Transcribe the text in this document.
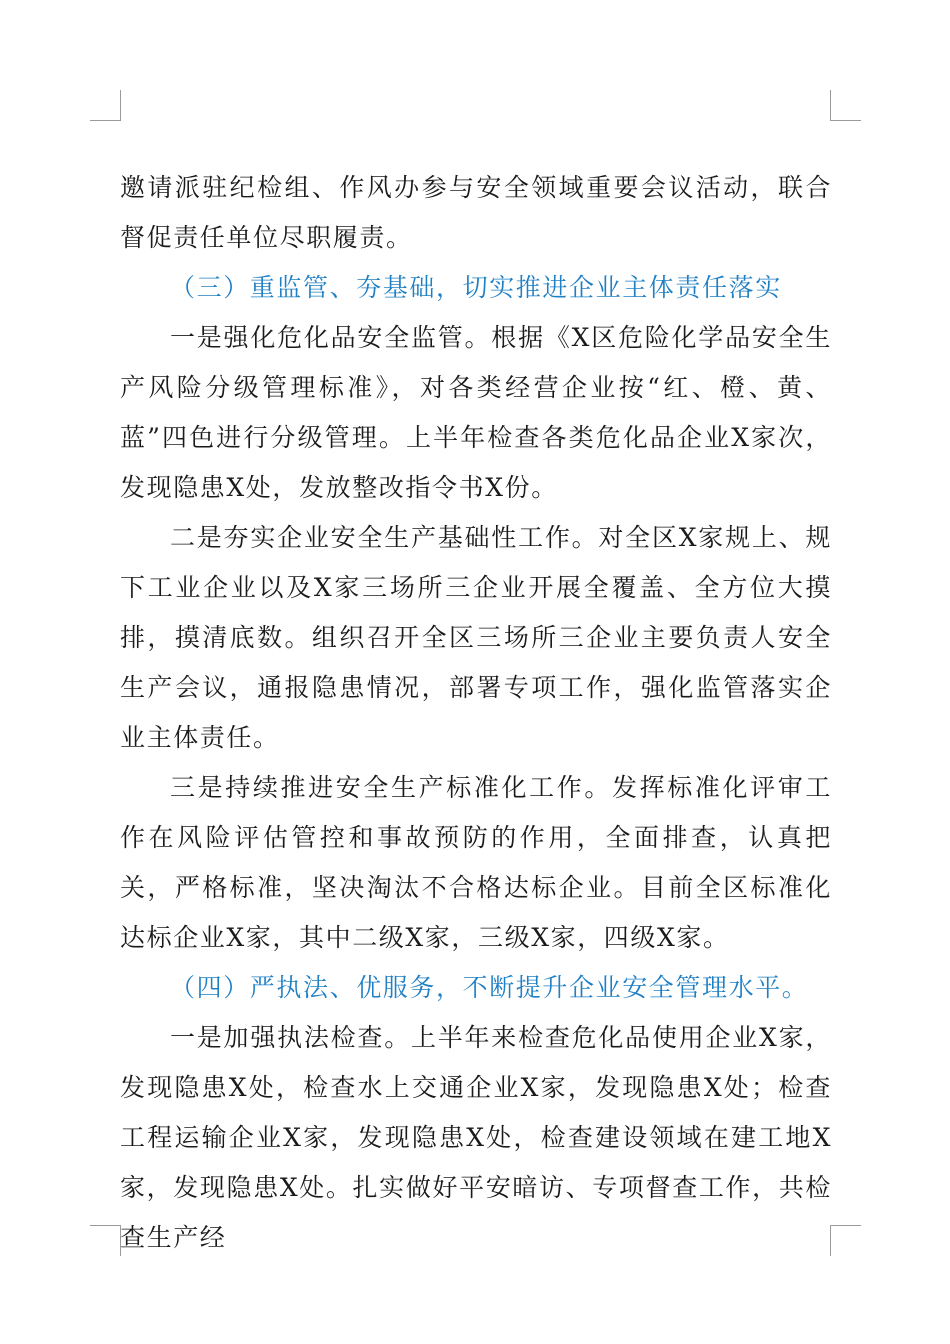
邀请派驻纪检组、作风办参与安全领域重要会议活动，联合督促责任单位尽职履责。

（三）重监管、夯基础，切实推进企业主体责任落实

一是强化危化品安全监管。根据《X区危险化学品安全生产风险分级管理标准》，对各类经营企业按“红、橙、黄、蓝”四色进行分级管理。上半年检查各类危化品企业X家次，发现隐患X处，发放整改指令书X份。

二是夯实企业安全生产基础性工作。对全区X家规上、规下工业企业以及X家三场所三企业开展全覆盖、全方位大摸排，摸清底数。组织召开全区三场所三企业主要负责人安全生产会议，通报隐患情况，部署专项工作，强化监管落实企业主体责任。

三是持续推进安全生产标准化工作。发挥标准化评审工作在风险评估管控和事故预防的作用，全面排查，认真把关，严格标准，坚决淘汰不合格达标企业。目前全区标准化达标企业X家，其中二级X家，三级X家，四级X家。

（四）严执法、优服务，不断提升企业安全管理水平。

一是加强执法检查。上半年来检查危化品使用企业X家，发现隐患X处，检查水上交通企业X家，发现隐患X处；检查工程运输企业X家，发现隐患X处，检查建设领域在建工地X家，发现隐患X处。扎实做好平安暗访、专项督查工作，共检查生产经
